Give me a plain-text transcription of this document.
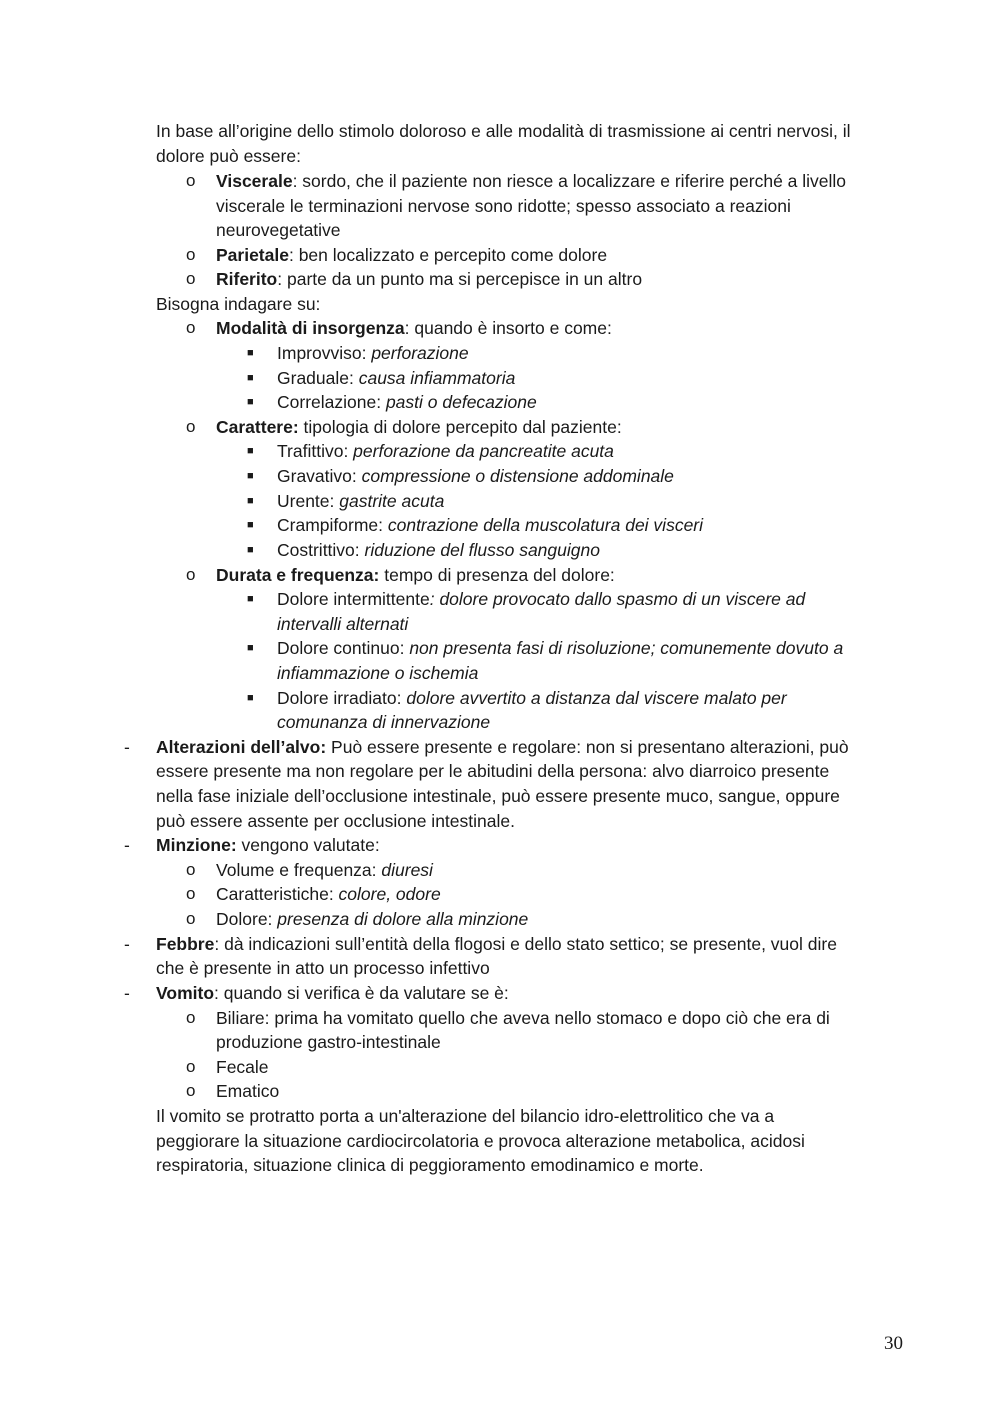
In base all’origine dello stimolo doloroso e alle modalità di trasmissione ai centri nervosi, il
dolore può essere:
o Viscerale: sordo, che il paziente non riesce a localizzare e riferire perché a livello
viscerale le terminazioni nervose sono ridotte; spesso associato a reazioni
neurovegetative
o Parietale: ben localizzato e percepito come dolore
o Riferito: parte da un punto ma si percepisce in un altro
Bisogna indagare su:
o Modalità di insorgenza: quando è insorto e come:
■ Improvviso: perforazione
■ Graduale: causa infiammatoria
■ Correlazione: pasti o defecazione
o Carattere: tipologia di dolore percepito dal paziente:
■ Trafittivo: perforazione da pancreatite acuta
■ Gravativo: compressione o distensione addominale
■ Urente: gastrite acuta
■ Crampiforme: contrazione della muscolatura dei visceri
■ Costrittivo: riduzione del flusso sanguigno
o Durata e frequenza: tempo di presenza del dolore:
■ Dolore intermittente: dolore provocato dallo spasmo di un viscere ad
intervalli alternati
■ Dolore continuo: non presenta fasi di risoluzione; comunemente dovuto a
infiammazione o ischemia
■ Dolore irradiato: dolore avvertito a distanza dal viscere malato per
comunanza di innervazione
- Alterazioni dell’alvo: Può essere presente e regolare: non si presentano alterazioni, può
essere presente ma non regolare per le abitudini della persona: alvo diarroico presente
nella fase iniziale dell’occlusione intestinale, può essere presente muco, sangue, oppure
può essere assente per occlusione intestinale.
- Minzione: vengono valutate:
o Volume e frequenza: diuresi
o Caratteristiche: colore, odore
o Dolore: presenza di dolore alla minzione
- Febbre: dà indicazioni sull’entità della flogosi e dello stato settico; se presente, vuol dire
che è presente in atto un processo infettivo
- Vomito: quando si verifica è da valutare se è:
o Biliare: prima ha vomitato quello che aveva nello stomaco e dopo ciò che era di
produzione gastro-intestinale
o Fecale
o Ematico
Il vomito se protratto porta a un'alterazione del bilancio idro-elettrolitico che va a
peggiorare la situazione cardiocircolatoria e provoca alterazione metabolica, acidosi
respiratoria, situazione clinica di peggioramento emodinamico e morte.
30
